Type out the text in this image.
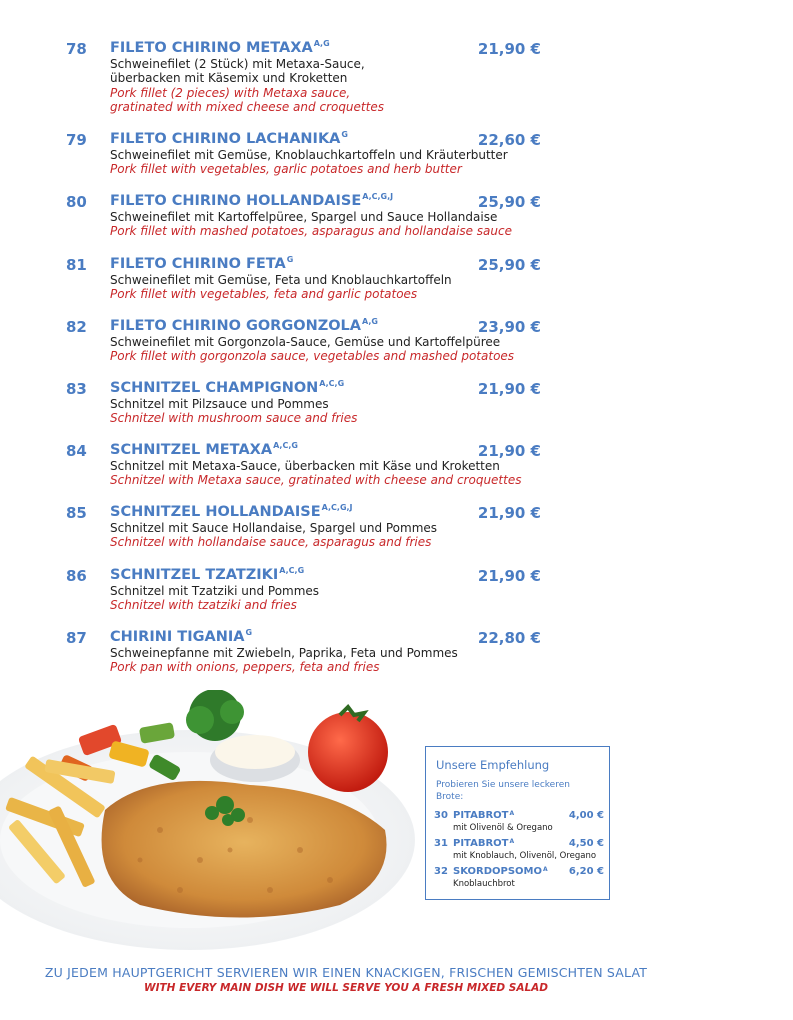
78 FILETO CHIRINO $METAXA^{A,G}$	21,90 €
Schweinefilet (2 Stück) mit Metaxa-Sauce,
überbacken mit Käsemix und Kroketten
Pork fillet (2 pieces) with Metaxa sauce,
gratinated with mixed cheese and croquettes
79 FILETO CHIRINO $LACHANIKA^G$	22,60 €
Schweinefilet mit Gemüse, Knoblauchkartoffeln und Kräuterbutter
Pork fillet with vegetables, garlic potatoes and herb butter
80 FILETO CHIRINO $HOLLANDAISE^{A,C,G,J}$	25,90 €
Schweinefilet mit Kartoffelpüree, Spargel und Sauce Hollandaise
Pork fillet with mashed potatoes, asparagus and hollandaise sauce
81 FILETO CHIRINO $FETA^G$	25,90 €
Schweinefilet mit Gemüse, Feta und Knoblauchkartoffeln
Pork fillet with vegetables, feta and garlic potatoes
82 FILETO CHIRINO $GORGONZOLA^{A,G}$	23,90 €
Schweinefilet mit Gorgonzola-Sauce, Gemüse und Kartoffelpüree
Pork fillet with gorgonzola sauce, vegetables and mashed potatoes
83 SCHNITZEL $CHAMPIGNON^{A,C,G}$	21,90 €
Schnitzel mit Pilzsauce und Pommes
Schnitzel with mushroom sauce and fries
84 SCHNITZEL $METAXA^{A,C,G}$	21,90 €
Schnitzel mit Metaxa-Sauce, überbacken mit Käse und Kroketten
Schnitzel with Metaxa sauce, gratinated with cheese and croquettes
85 SCHNITZEL $HOLLANDAISE^{A,C,G,J}$	21,90 €
Schnitzel mit Sauce Hollandaise, Spargel und Pommes
Schnitzel with hollandaise sauce, asparagus and fries
86 SCHNITZEL $TZATZIKI^{A,C,G}$	21,90 €
Schnitzel mit Tzatziki und Pommes
Schnitzel with tzatziki and fries
87 CHIRINI $TIGANIA^G$	22,80 €
Schweinepfanne mit Zwiebeln, Paprika, Feta und Pommes
Pork pan with onions, peppers, feta and fries
Unsere Empfehlung
Probieren Sie unsere leckeren Brote:
30 $PITABROT^A$	4,00 €
mit Olivenöl & Oregano
31 $PITABROT^A$	4,50 €
mit Knoblauch, Olivenöl, Oregano
32 $SKORDOPSOMO^A$ 6,20 €
Knoblauchbrot
ZU JEDEM HAUPTGERICHT SERVIEREN WIR EINEN KNACKIGEN, FRISCHEN GEMISCHTEN SALAT
WITH EVERY MAIN DISH WE WILL SERVE YOU A FRESH MIXED SALAD
